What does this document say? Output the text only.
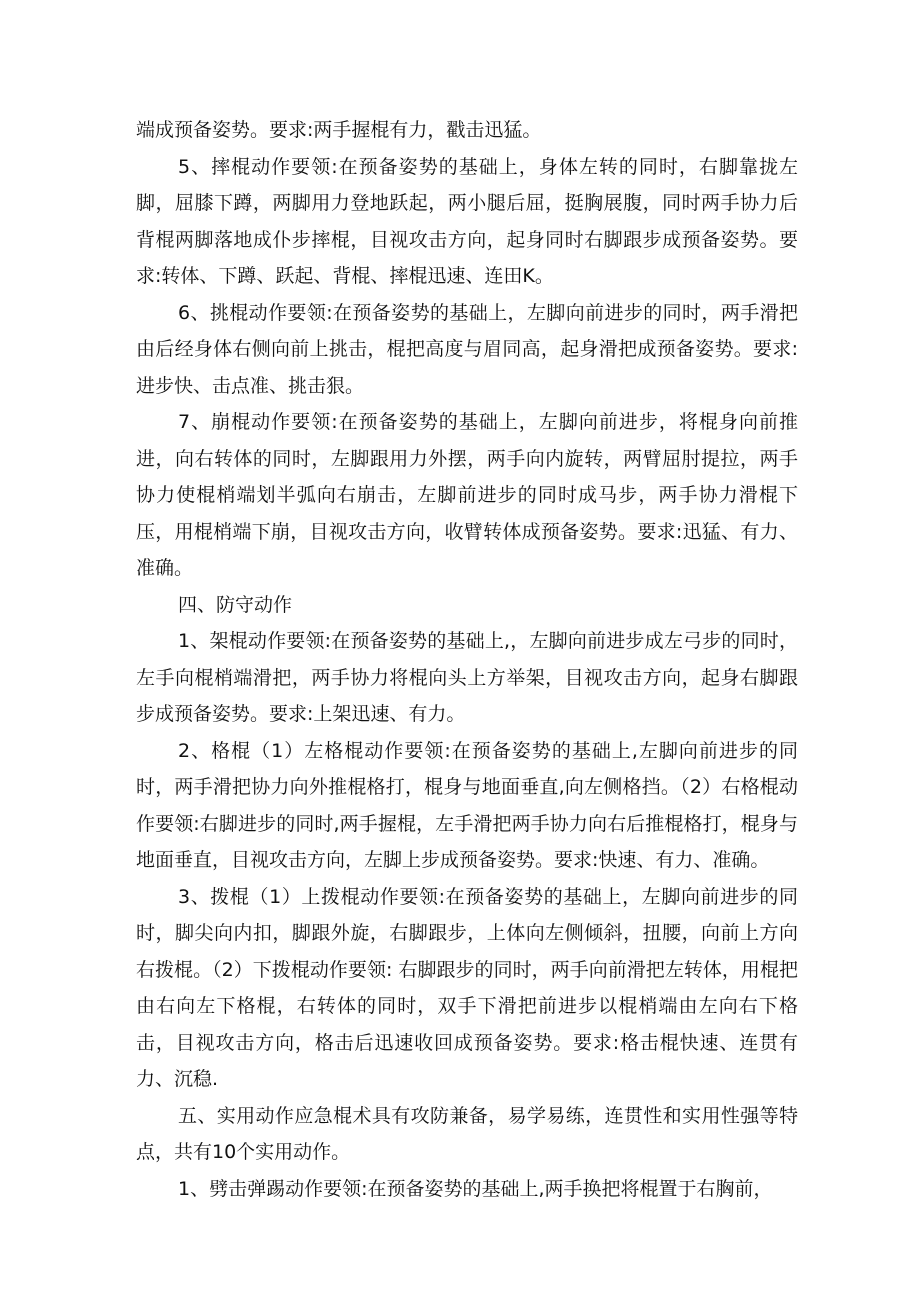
端成预备姿势。要求:两手握棍有力，戳击迅猛。

5、摔棍动作要领:在预备姿势的基础上，身体左转的同时，右脚靠拢左脚，屈膝下蹲，两脚用力登地跃起，两小腿后屈，挺胸展腹，同时两手协力后背棍两脚落地成仆步摔棍，目视攻击方向，起身同时右脚跟步成预备姿势。要求:转体、下蹲、跃起、背棍、摔棍迅速、连田K。

6、挑棍动作要领:在预备姿势的基础上，左脚向前进步的同时，两手滑把由后经身体右侧向前上挑击，棍把高度与眉同高，起身滑把成预备姿势。要求:进步快、击点准、挑击狠。

7、崩棍动作要领:在预备姿势的基础上，左脚向前进步，将棍身向前推进，向右转体的同时，左脚跟用力外摆，两手向内旋转，两臂屈肘提拉，两手协力使棍梢端划半弧向右崩击，左脚前进步的同时成马步，两手协力滑棍下压，用棍梢端下崩，目视攻击方向，收臂转体成预备姿势。要求:迅猛、有力、准确。

四、防守动作

1、架棍动作要领:在预备姿势的基础上,，左脚向前进步成左弓步的同时，左手向棍梢端滑把，两手协力将棍向头上方举架，目视攻击方向，起身右脚跟步成预备姿势。要求:上架迅速、有力。

2、格棍（1）左格棍动作要领:在预备姿势的基础上,左脚向前进步的同时，两手滑把协力向外推棍格打，棍身与地面垂直,向左侧格挡。（2）右格棍动作要领:右脚进步的同时,两手握棍，左手滑把两手协力向右后推棍格打，棍身与地面垂直，目视攻击方向，左脚上步成预备姿势。要求:快速、有力、准确。

3、拨棍（1）上拨棍动作要领:在预备姿势的基础上，左脚向前进步的同时，脚尖向内扣，脚跟外旋，右脚跟步，上体向左侧倾斜，扭腰，向前上方向右拨棍。（2）下拨棍动作要领: 右脚跟步的同时，两手向前滑把左转体，用棍把由右向左下格棍，右转体的同时，双手下滑把前进步以棍梢端由左向右下格击，目视攻击方向，格击后迅速收回成预备姿势。要求:格击棍快速、连贯有力、沉稳.

五、实用动作应急棍术具有攻防兼备，易学易练，连贯性和实用性强等特点，共有10个实用动作。

1、劈击弹踢动作要领:在预备姿势的基础上,两手换把将棍置于右胸前，
